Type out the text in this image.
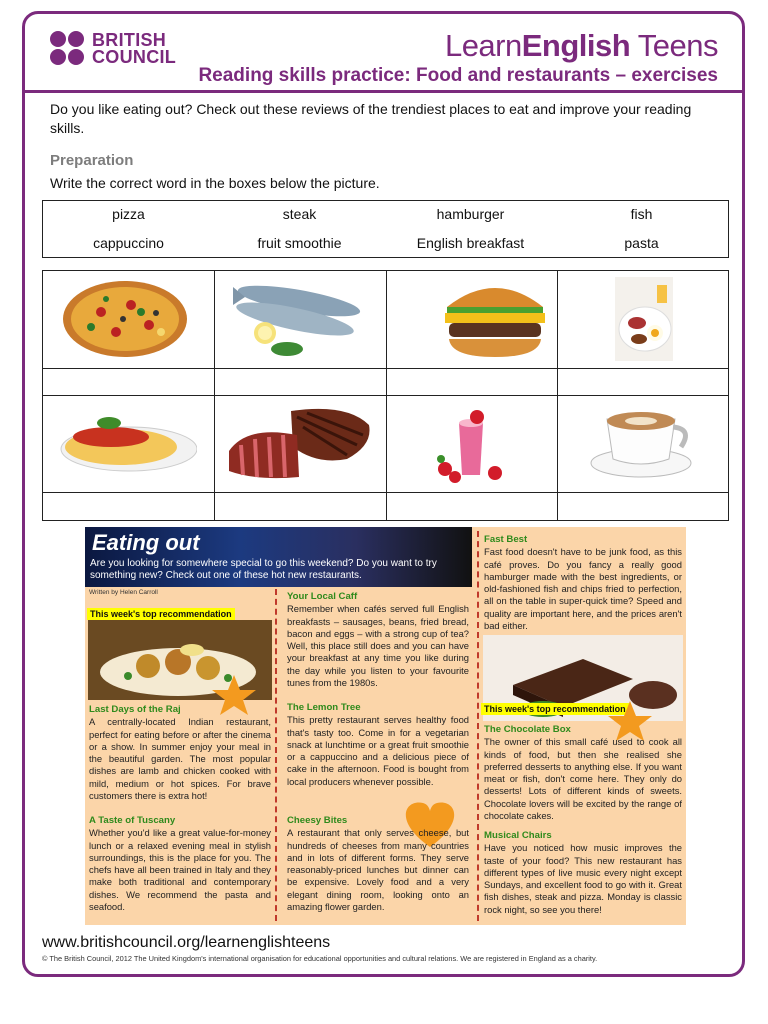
BRITISH
COUNCIL	LearnEnglish Teens
Reading skills practice: Food and restaurants – exercises
Do you like eating out? Check out these reviews of the trendiest places to eat and improve your reading skills.
Preparation
Write the correct word in the boxes below the picture.
pizza	steak	hamburger	fish
cappuccino	fruit smoothie	English breakfast	pasta
Eating out
Are you looking for somewhere special to go this weekend? Do you want to try something new? Check out one of these hot new restaurants.
Written by Helen Carroll
This week's top recommendation
Last Days of the Raj

A centrally-located Indian restaurant, perfect for eating before or after the cinema or a show. In summer enjoy your meal in the beautiful garden. The most popular dishes are lamb and chicken cooked with mild, medium or hot spices. For brave customers there is extra hot!

A Taste of Tuscany

Whether you'd like a great value-for-money lunch or a relaxed evening meal in stylish surroundings, this is the place for you. The chefs have all been trained in Italy and they make both traditional and contemporary dishes. We recommend the pasta and seafood.

Your Local Caff

Remember when cafés served full English breakfasts – sausages, beans, fried bread, bacon and eggs – with a strong cup of tea? Well, this place still does and you can have your breakfast at any time you like during the day while you listen to your favourite tunes from the 1980s.

The Lemon Tree

This pretty restaurant serves healthy food that's tasty too. Come in for a vegetarian snack at lunchtime or a great fruit smoothie or a cappuccino and a delicious piece of cake in the afternoon. Food is bought from local producers whenever possible.

Cheesy Bites

A restaurant that only serves cheese, but hundreds of cheeses from many countries and in lots of different forms. They serve reasonably-priced lunches but dinner can be expensive. Lovely food and a very elegant dining room, looking onto an amazing flower garden.

Fast Best

Fast food doesn't have to be junk food, as this café proves. Do you fancy a really good hamburger made with the best ingredients, or old-fashioned fish and chips fried to perfection, all on the table in super-quick time? Speed and quality are important here, and the prices aren't bad either.

This week's top recommendation
The Chocolate Box

The owner of this small café used to cook all kinds of food, but then she realised she preferred desserts to anything else. If you want meat or fish, don't come here. They only do desserts! Lots of different kinds of sweets. Chocolate lovers will be excited by the range of chocolate cakes.

Musical Chairs

Have you noticed how music improves the taste of your food? This new restaurant has different types of live music every night except Sundays, and excellent food to go with it. Great fish dishes, steak and pizza. Monday is classic rock night, so see you there!

www.britishcouncil.org/learnenglishteens
© The British Council, 2012 The United Kingdom's international organisation for educational opportunities and cultural relations. We are registered in England as a charity.
